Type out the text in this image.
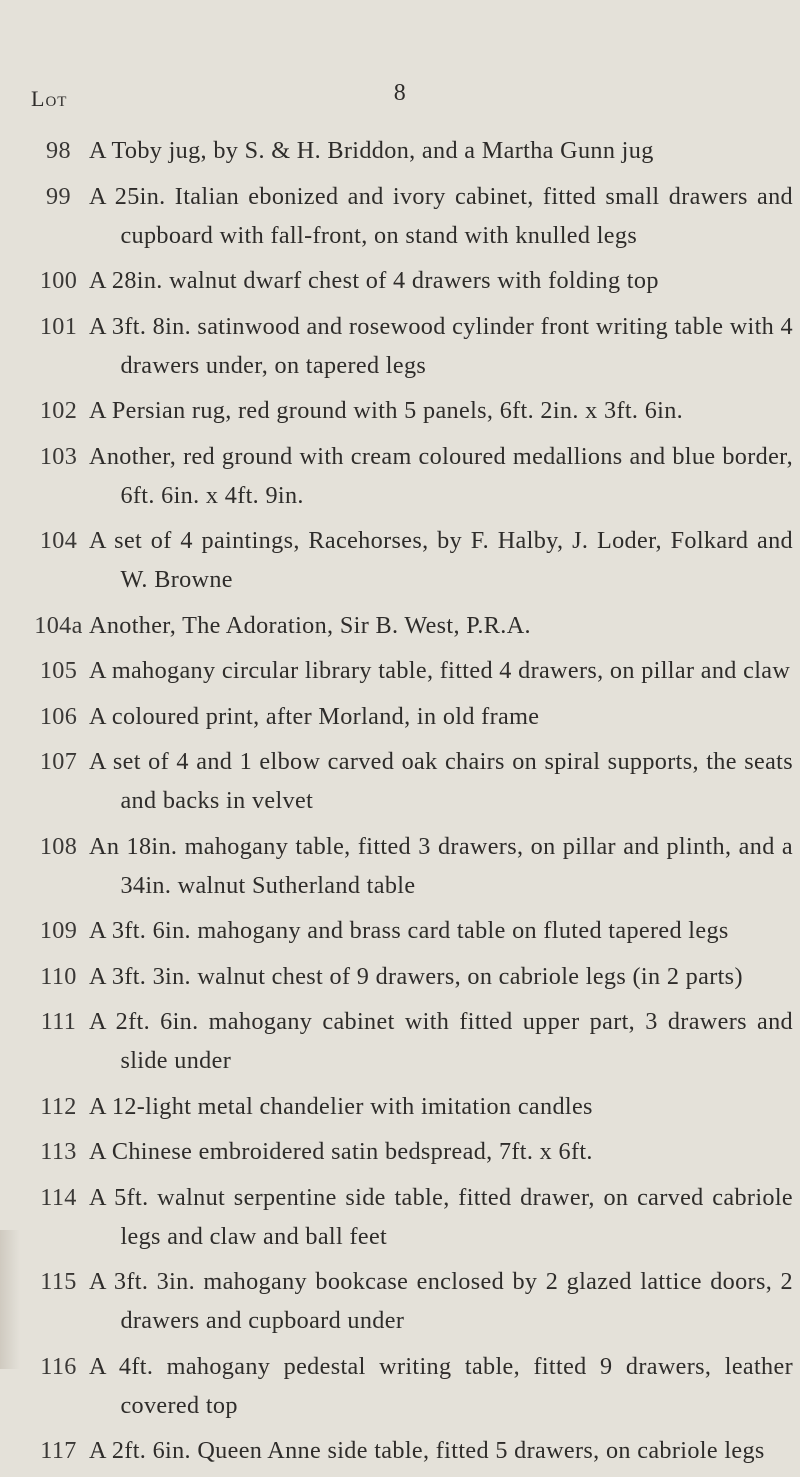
8
Lot
98 A Toby jug, by S. & H. Briddon, and a Martha Gunn jug
99 A 25in. Italian ebonized and ivory cabinet, fitted small drawers and cupboard with fall-front, on stand with knulled legs
100 A 28in. walnut dwarf chest of 4 drawers with folding top
101 A 3ft. 8in. satinwood and rosewood cylinder front writing table with 4 drawers under, on tapered legs
102 A Persian rug, red ground with 5 panels, 6ft. 2in. x 3ft. 6in.
103 Another, red ground with cream coloured medallions and blue border, 6ft. 6in. x 4ft. 9in.
104 A set of 4 paintings, Racehorses, by F. Halby, J. Loder, Folkard and W. Browne
104a Another, The Adoration, Sir B. West, P.R.A.
105 A mahogany circular library table, fitted 4 drawers, on pillar and claw
106 A coloured print, after Morland, in old frame
107 A set of 4 and 1 elbow carved oak chairs on spiral supports, the seats and backs in velvet
108 An 18in. mahogany table, fitted 3 drawers, on pillar and plinth, and a 34in. walnut Sutherland table
109 A 3ft. 6in. mahogany and brass card table on fluted tapered legs
110 A 3ft. 3in. walnut chest of 9 drawers, on cabriole legs (in 2 parts)
111 A 2ft. 6in. mahogany cabinet with fitted upper part, 3 drawers and slide under
112 A 12-light metal chandelier with imitation candles
113 A Chinese embroidered satin bedspread, 7ft. x 6ft.
114 A 5ft. walnut serpentine side table, fitted drawer, on carved cabriole legs and claw and ball feet
115 A 3ft. 3in. mahogany bookcase enclosed by 2 glazed lattice doors, 2 drawers and cupboard under
116 A 4ft. mahogany pedestal writing table, fitted 9 drawers, leather covered top
117 A 2ft. 6in. Queen Anne side table, fitted 5 drawers, on cabriole legs
